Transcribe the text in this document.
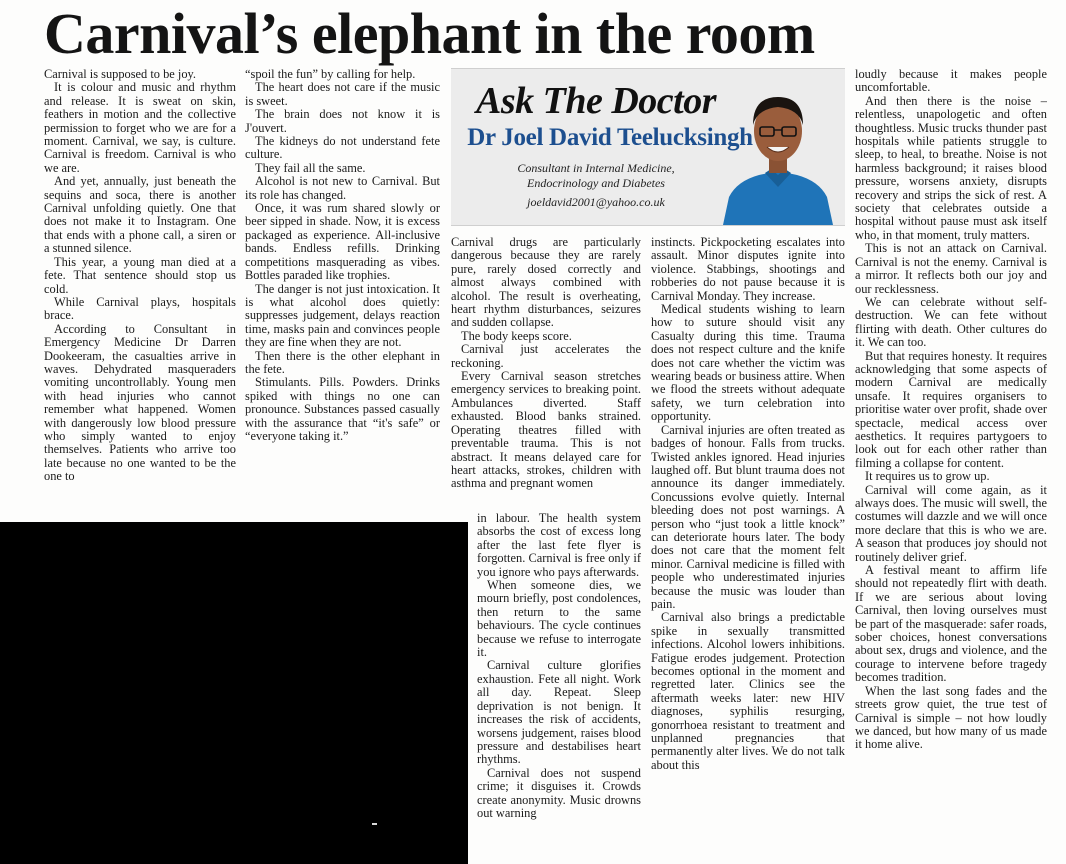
Carnival’s elephant in the room

Carnival is supposed to be joy.

It is colour and music and rhythm and release. It is sweat on skin, feathers in motion and the collective permission to forget who we are for a moment. Carnival, we say, is culture. Carnival is freedom. Carnival is who we are.

And yet, annually, just beneath the sequins and soca, there is another Carnival unfolding quietly. One that does not make it to Instagram. One that ends with a phone call, a siren or a stunned silence.

This year, a young man died at a fete. That sentence should stop us cold.

While Carnival plays, hospitals brace.

According to Consultant in Emergency Medicine Dr Darren Dookeeram, the casualties arrive in waves. Dehydrated masqueraders vomiting uncontrollably. Young men with head injuries who cannot remember what happened. Women with dangerously low blood pressure who simply wanted to enjoy themselves. Patients who arrive too late because no one wanted to be the one to

“spoil the fun” by calling for help.

The heart does not care if the music is sweet.

The brain does not know it is J'ouvert.

The kidneys do not understand fete culture.

They fail all the same.

Alcohol is not new to Carnival. But its role has changed.

Once, it was rum shared slowly or beer sipped in shade. Now, it is excess packaged as experience. All-inclusive bands. Endless refills. Drinking competitions masquerading as vibes. Bottles paraded like trophies.

The danger is not just intoxication. It is what alcohol does quietly: suppresses judgement, delays reaction time, masks pain and convinces people they are fine when they are not.

Then there is the other elephant in the fete.

Stimulants. Pills. Powders. Drinks spiked with things no one can pronounce. Substances passed casually with the assurance that “it's safe” or “everyone taking it.”

Ask The Doctor
Dr Joel David Teelucksingh
Consultant in Internal Medicine,
Endocrinology and Diabetes
joeldavid2001@yahoo.co.uk

Carnival drugs are particularly dangerous because they are rarely pure, rarely dosed correctly and almost always combined with alcohol. The result is overheating, heart rhythm disturbances, seizures and sudden collapse.

The body keeps score.

Carnival just accelerates the reckoning.

Every Carnival season stretches emergency services to breaking point. Ambulances diverted. Staff exhausted. Blood banks strained. Operating theatres filled with preventable trauma. This is not abstract. It means delayed care for heart attacks, strokes, children with asthma and pregnant women

in labour. The health system absorbs the cost of excess long after the last fete flyer is forgotten. Carnival is free only if you ignore who pays afterwards.

When someone dies, we mourn briefly, post condolences, then return to the same behaviours. The cycle continues because we refuse to interrogate it.

Carnival culture glorifies exhaustion. Fete all night. Work all day. Repeat. Sleep deprivation is not benign. It increases the risk of accidents, worsens judgement, raises blood pressure and destabilises heart rhythms.

Carnival does not suspend crime; it disguises it. Crowds create anonymity. Music drowns out warning

instincts. Pickpocketing escalates into assault. Minor disputes ignite into violence. Stabbings, shootings and robberies do not pause because it is Carnival Monday. They increase.

Medical students wishing to learn how to suture should visit any Casualty during this time. Trauma does not respect culture and the knife does not care whether the victim was wearing beads or business attire. When we flood the streets without adequate safety, we turn celebration into opportunity.

Carnival injuries are often treated as badges of honour. Falls from trucks. Twisted ankles ignored. Head injuries laughed off. But blunt trauma does not announce its danger immediately. Concussions evolve quietly. Internal bleeding does not post warnings. A person who “just took a little knock” can deteriorate hours later. The body does not care that the moment felt minor. Carnival medicine is filled with people who underestimated injuries because the music was louder than pain.

Carnival also brings a predictable spike in sexually transmitted infections. Alcohol lowers inhibitions. Fatigue erodes judgement. Protection becomes optional in the moment and regretted later. Clinics see the aftermath weeks later: new HIV diagnoses, syphilis resurging, gonorrhoea resistant to treatment and unplanned pregnancies that permanently alter lives. We do not talk about this

loudly because it makes people uncomfortable.

And then there is the noise – relentless, unapologetic and often thoughtless. Music trucks thunder past hospitals while patients struggle to sleep, to heal, to breathe. Noise is not harmless background; it raises blood pressure, worsens anxiety, disrupts recovery and strips the sick of rest. A society that celebrates outside a hospital without pause must ask itself who, in that moment, truly matters.

This is not an attack on Carnival. Carnival is not the enemy. Carnival is a mirror. It reflects both our joy and our recklessness.

We can celebrate without self-destruction. We can fete without flirting with death. Other cultures do it. We can too.

But that requires honesty. It requires acknowledging that some aspects of modern Carnival are medically unsafe. It requires organisers to prioritise water over profit, shade over spectacle, medical access over aesthetics. It requires partygoers to look out for each other rather than filming a collapse for content.

It requires us to grow up.

Carnival will come again, as it always does. The music will swell, the costumes will dazzle and we will once more declare that this is who we are. A season that produces joy should not routinely deliver grief.

A festival meant to affirm life should not repeatedly flirt with death. If we are serious about loving Carnival, then loving ourselves must be part of the masquerade: safer roads, sober choices, honest conversations about sex, drugs and violence, and the courage to intervene before tragedy becomes tradition.

When the last song fades and the streets grow quiet, the true test of Carnival is simple – not how loudly we danced, but how many of us made it home alive.
